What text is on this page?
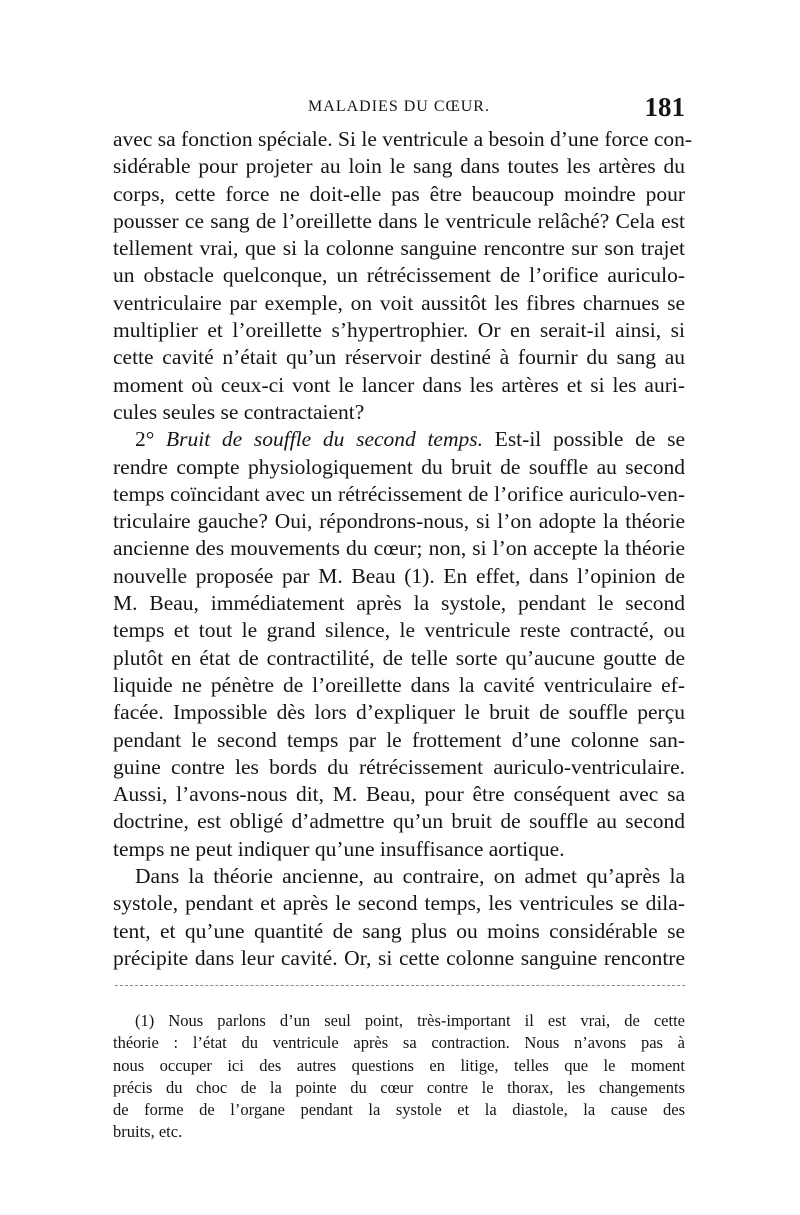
MALADIES DU CŒUR.	181
avec sa fonction spéciale. Si le ventricule a besoin d’une force con-
sidérable pour projeter au loin le sang dans toutes les artères du
corps, cette force ne doit-elle pas être beaucoup moindre pour
pousser ce sang de l’oreillette dans le ventricule relâché? Cela est
tellement vrai, que si la colonne sanguine rencontre sur son trajet
un obstacle quelconque, un rétrécissement de l’orifice auriculo-
ventriculaire par exemple, on voit aussitôt les fibres charnues se
multiplier et l’oreillette s’hypertrophier. Or en serait-il ainsi, si
cette cavité n’était qu’un réservoir destiné à fournir du sang au
moment où ceux-ci vont le lancer dans les artères et si les auri-
cules seules se contractaient?
2° Bruit de souffle du second temps. Est-il possible de se
rendre compte physiologiquement du bruit de souffle au second
temps coïncidant avec un rétrécissement de l’orifice auriculo-ven-
triculaire gauche? Oui, répondrons-nous, si l’on adopte la théorie
ancienne des mouvements du cœur; non, si l’on accepte la théorie
nouvelle proposée par M. Beau (1). En effet, dans l’opinion de
M. Beau, immédiatement après la systole, pendant le second
temps et tout le grand silence, le ventricule reste contracté, ou
plutôt en état de contractilité, de telle sorte qu’aucune goutte de
liquide ne pénètre de l’oreillette dans la cavité ventriculaire ef-
facée. Impossible dès lors d’expliquer le bruit de souffle perçu
pendant le second temps par le frottement d’une colonne san-
guine contre les bords du rétrécissement auriculo-ventriculaire.
Aussi, l’avons-nous dit, M. Beau, pour être conséquent avec sa
doctrine, est obligé d’admettre qu’un bruit de souffle au second
temps ne peut indiquer qu’une insuffisance aortique.
Dans la théorie ancienne, au contraire, on admet qu’après la
systole, pendant et après le second temps, les ventricules se dila-
tent, et qu’une quantité de sang plus ou moins considérable se
précipite dans leur cavité. Or, si cette colonne sanguine rencontre
(1) Nous parlons d’un seul point, très-important il est vrai, de cette
théorie : l’état du ventricule après sa contraction. Nous n’avons pas à
nous occuper ici des autres questions en litige, telles que le moment
précis du choc de la pointe du cœur contre le thorax, les changements
de forme de l’organe pendant la systole et la diastole, la cause des
bruits, etc.
